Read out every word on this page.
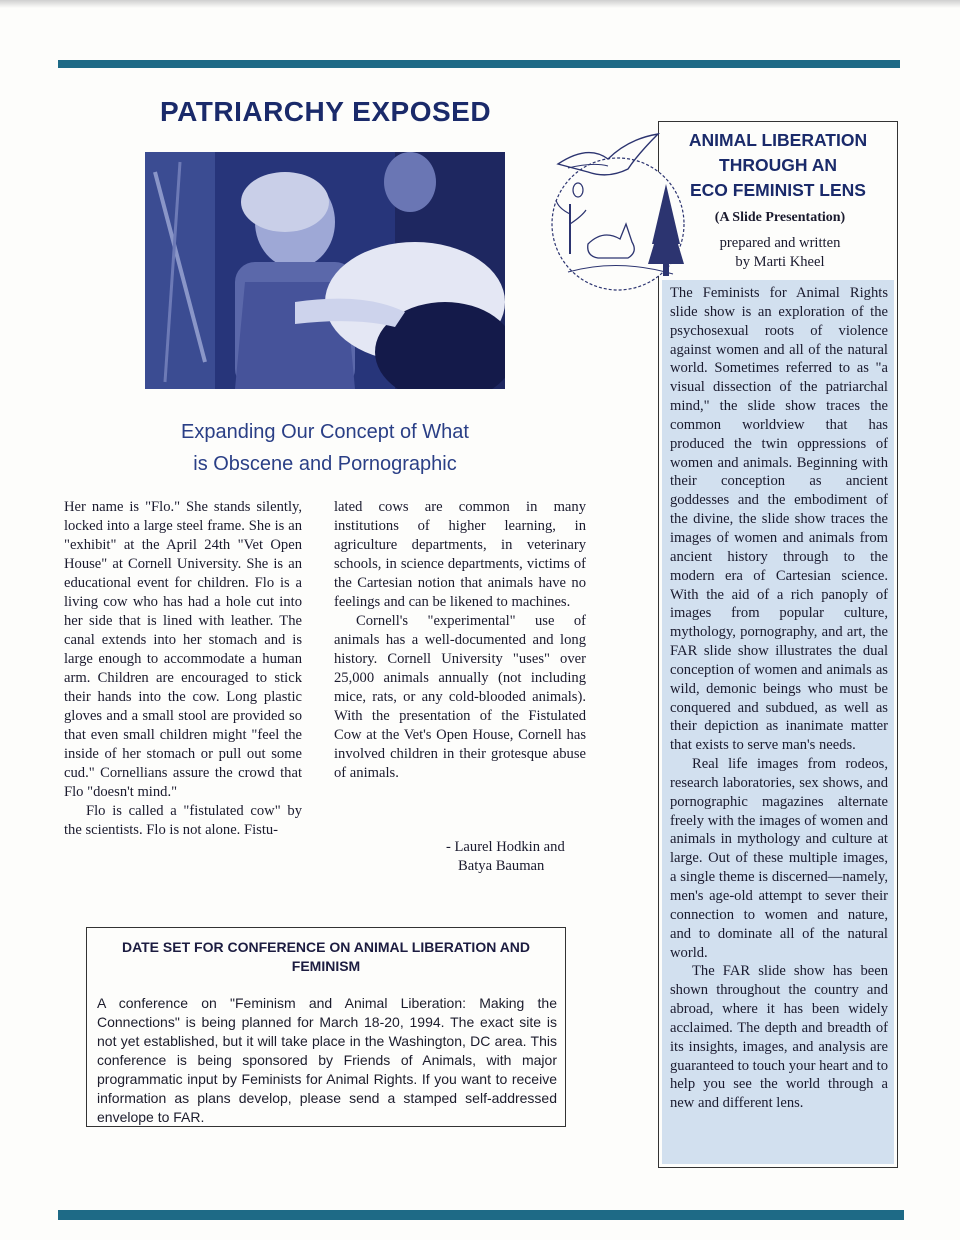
PATRIARCHY EXPOSED
Expanding Our Concept of What
is Obscene and Pornographic

Her name is "Flo." She stands silently, locked into a large steel frame. She is an "exhibit" at the April 24th "Vet Open House" at Cornell University. She is an educational event for children. Flo is a living cow who has had a hole cut into her side that is lined with leather. The canal extends into her stomach and is large enough to accommodate a human arm. Children are encouraged to stick their hands into the cow. Long plastic gloves and a small stool are provided so that even small children might "feel the inside of her stomach or pull out some cud." Cornellians assure the crowd that Flo "doesn't mind."

Flo is called a "fistulated cow" by the scientists. Flo is not alone. Fistu-

lated cows are common in many institutions of higher learning, in agriculture departments, in veterinary schools, in science departments, victims of the Cartesian notion that animals have no feelings and can be likened to machines.

Cornell's "experimental" use of animals has a well-documented and long history. Cornell University "uses" over 25,000 animals annually (not including mice, rats, or any cold-blooded animals). With the presentation of the Fistulated Cow at the Vet's Open House, Cornell has involved children in their grotesque abuse of animals.

- Laurel Hodkin and
Batya Bauman
DATE SET FOR CONFERENCE ON ANIMAL LIBERATION AND FEMINISM
A conference on "Feminism and Animal Liberation: Making the Connections" is being planned for March 18-20, 1994. The exact site is not yet established, but it will take place in the Washington, DC area. This conference is being sponsored by Friends of Animals, with major programmatic input by Feminists for Animal Rights. If you want to receive information as plans develop, please send a stamped self-addressed envelope to FAR.
ANIMAL LIBERATION
THROUGH AN
ECO FEMINIST LENS
(A Slide Presentation)
prepared and written
by Marti Kheel

The Feminists for Animal Rights slide show is an exploration of the psychosexual roots of violence against women and all of the natural world. Sometimes referred to as "a visual dissection of the patriarchal mind," the slide show traces the common worldview that has produced the twin oppressions of women and animals. Beginning with their conception as ancient goddesses and the embodiment of the divine, the slide show traces the images of women and animals from ancient history through to the modern era of Cartesian science. With the aid of a rich panoply of images from popular culture, mythology, pornography, and art, the FAR slide show illustrates the dual conception of women and animals as wild, demonic beings who must be conquered and subdued, as well as their depiction as inanimate matter that exists to serve man's needs.

Real life images from rodeos, research laboratories, sex shows, and pornographic magazines alternate freely with the images of women and animals in mythology and culture at large. Out of these multiple images, a single theme is discerned—namely, men's age-old attempt to sever their connection to women and nature, and to dominate all of the natural world.

The FAR slide show has been shown throughout the country and abroad, where it has been widely acclaimed. The depth and breadth of its insights, images, and analysis are guaranteed to touch your heart and to help you see the world through a new and different lens.
